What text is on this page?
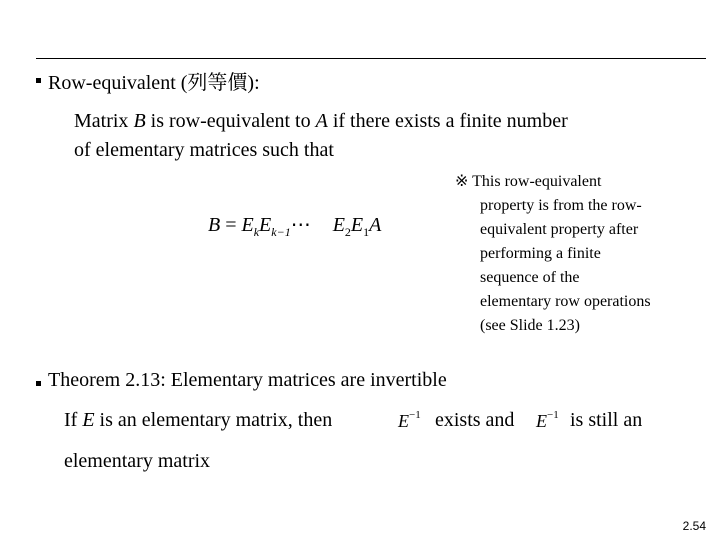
Row-equivalent (列等價):
Matrix B is row-equivalent to A if there exists a finite number
of elementary matrices such that
$B = E_kE_{k-1}\cdots$ $E_2E_1A$
※ This row-equivalent
property is from the row-
equivalent property after
performing a finite
sequence of the
elementary row operations
(see Slide 1.23)
Theorem 2.13: Elementary matrices are invertible
If E is an elementary matrix, then	$E^{-1}$ exists and $E^{-1}$ is still an
elementary matrix
2.54
